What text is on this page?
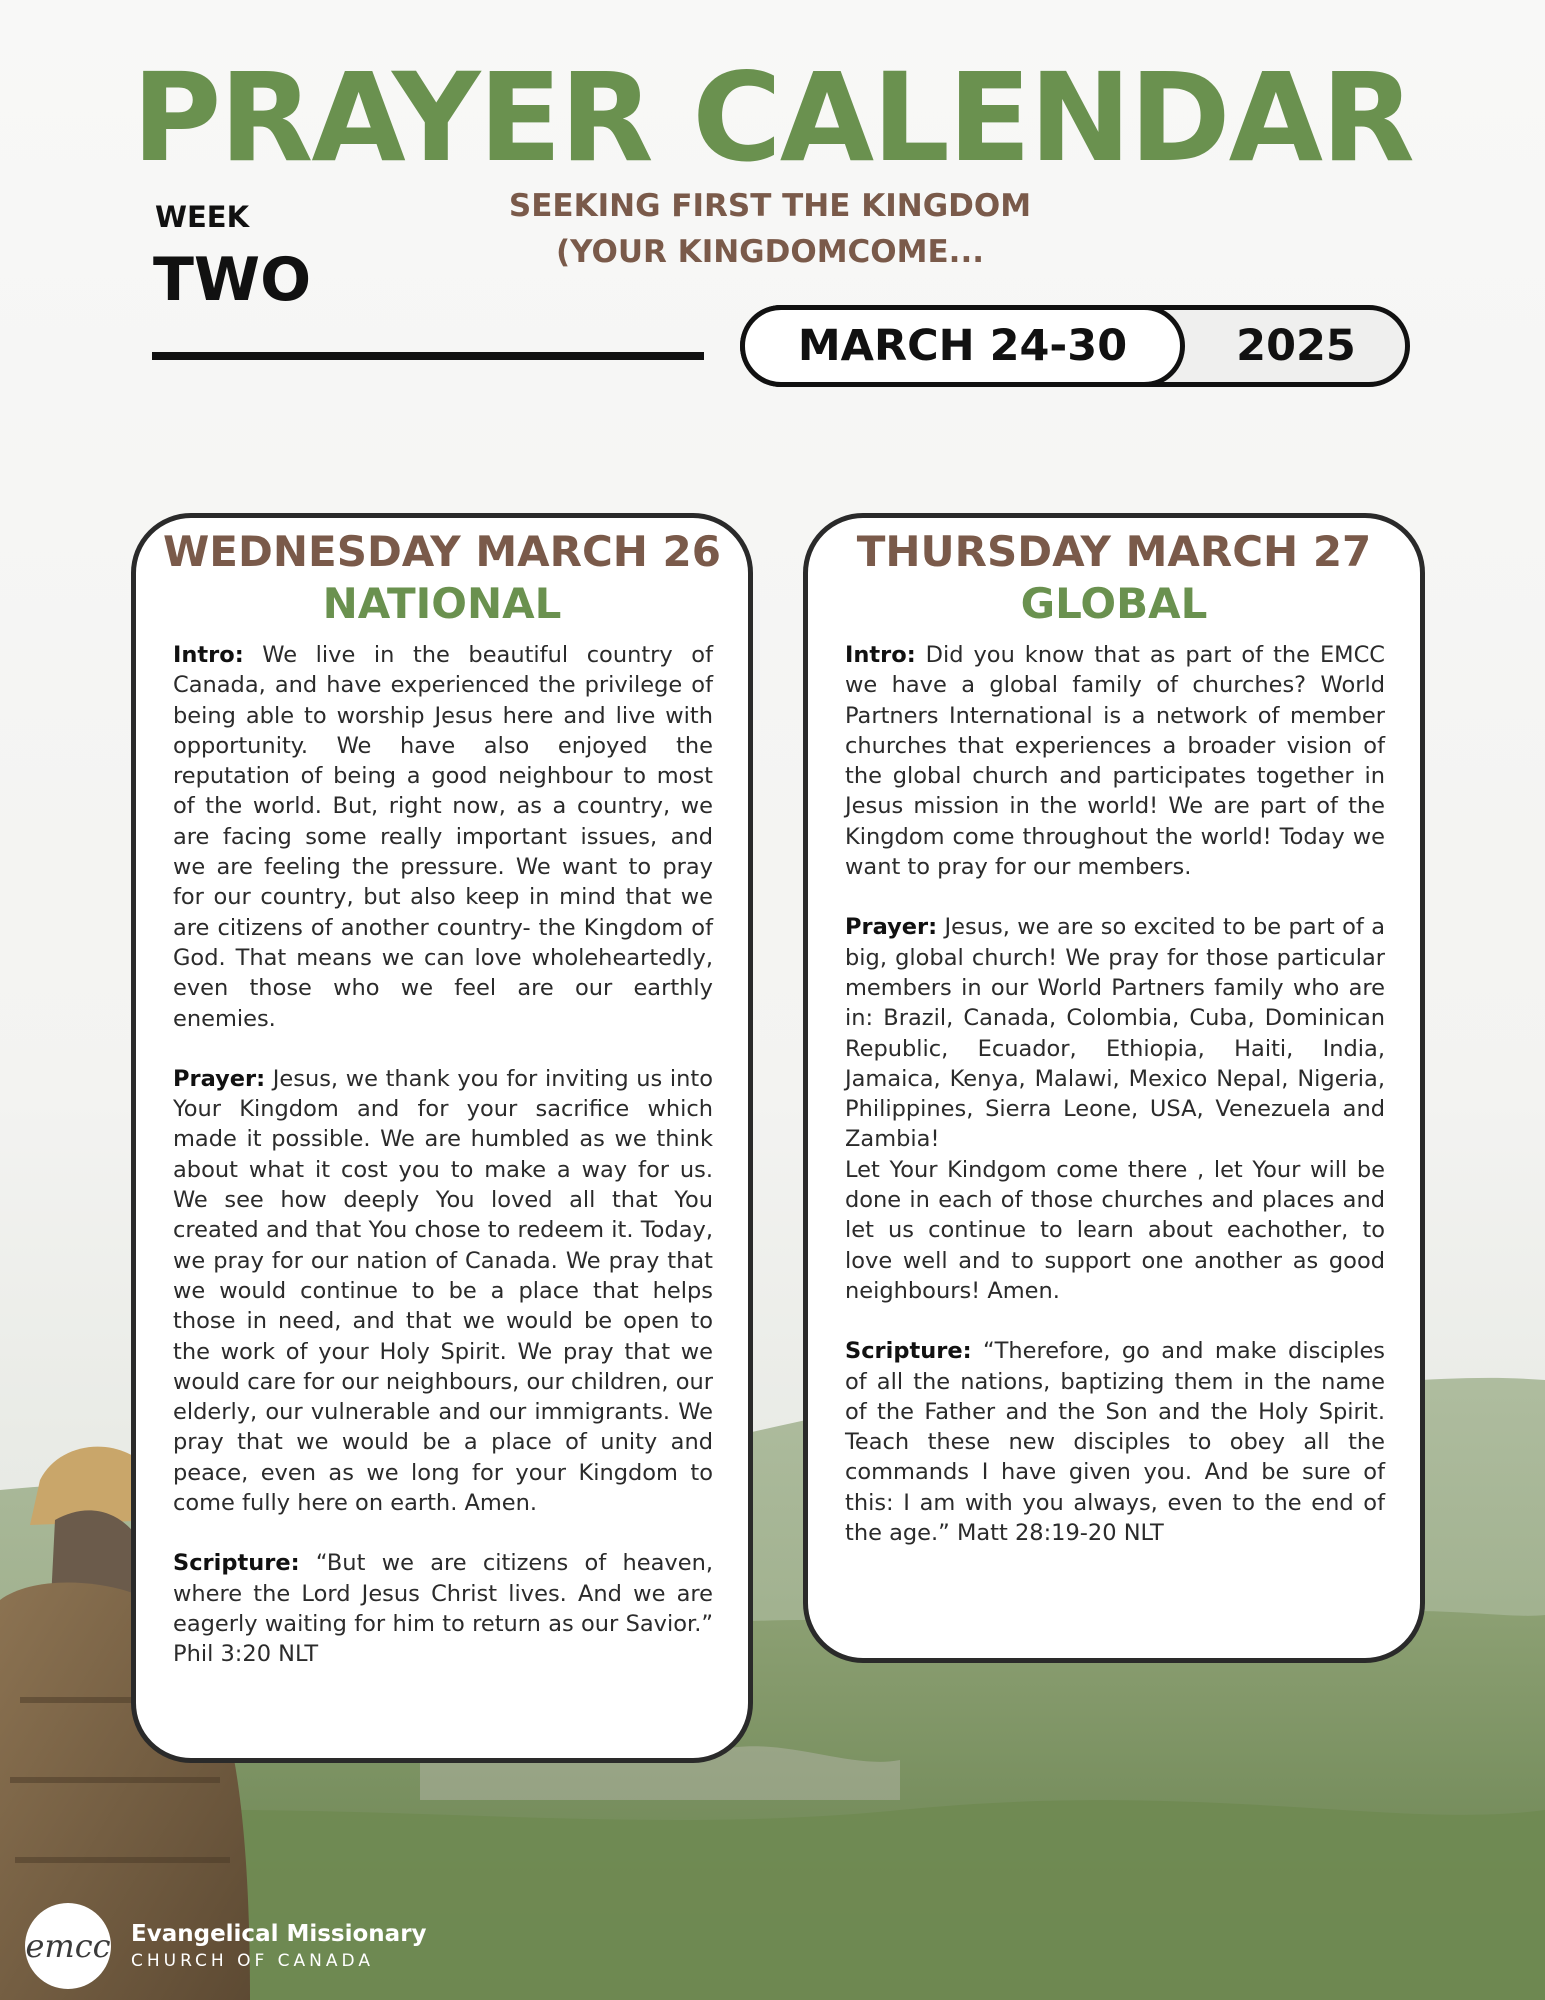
PRAYER CALENDAR
WEEK
TWO
SEEKING FIRST THE KINGDOM
(YOUR KINGDOMCOME...
MARCH 24-30	2025
WEDNESDAY MARCH 26
NATIONAL

Intro: We live in the beautiful country of Canada, and have experienced the privilege of being able to worship Jesus here and live with opportunity. We have also enjoyed the reputation of being a good neighbour to most of the world. But, right now, as a country, we are facing some really important issues, and we are feeling the pressure. We want to pray for our country, but also keep in mind that we are citizens of another country- the Kingdom of God. That means we can love wholeheartedly, even those who we feel are our earthly enemies.

Prayer: Jesus, we thank you for inviting us into Your Kingdom and for your sacrifice which made it possible. We are humbled as we think about what it cost you to make a way for us. We see how deeply You loved all that You created and that You chose to redeem it. Today, we pray for our nation of Canada. We pray that we would continue to be a place that helps those in need, and that we would be open to the work of your Holy Spirit. We pray that we would care for our neighbours, our children, our elderly, our vulnerable and our immigrants. We pray that we would be a place of unity and peace, even as we long for your Kingdom to come fully here on earth. Amen.

Scripture: “But we are citizens of heaven, where the Lord Jesus Christ lives. And we are eagerly waiting for him to return as our Savior.” Phil 3:20 NLT

THURSDAY MARCH 27
GLOBAL

Intro: Did you know that as part of the EMCC we have a global family of churches? World Partners International is a network of member churches that experiences a broader vision of the global church and participates together in Jesus mission in the world! We are part of the Kingdom come throughout the world! Today we want to pray for our members.

Prayer: Jesus, we are so excited to be part of a big, global church! We pray for those particular members in our World Partners family who are in: Brazil, Canada, Colombia, Cuba, Dominican Republic, Ecuador, Ethiopia, Haiti, India, Jamaica, Kenya, Malawi, Mexico Nepal, Nigeria, Philippines, Sierra Leone, USA, Venezuela and Zambia!

Let Your Kindgom come there , let Your will be done in each of those churches and places and let us continue to learn about eachother, to love well and to support one another as good neighbours! Amen.

Scripture: “Therefore, go and make disciples of all the nations, baptizing them in the name of the Father and the Son and the Holy Spirit. Teach these new disciples to obey all the commands I have given you. And be sure of this: I am with you always, even to the end of the age.” Matt 28:19-20 NLT

emcc Evangelical Missionary
CHURCH OF CANADA
